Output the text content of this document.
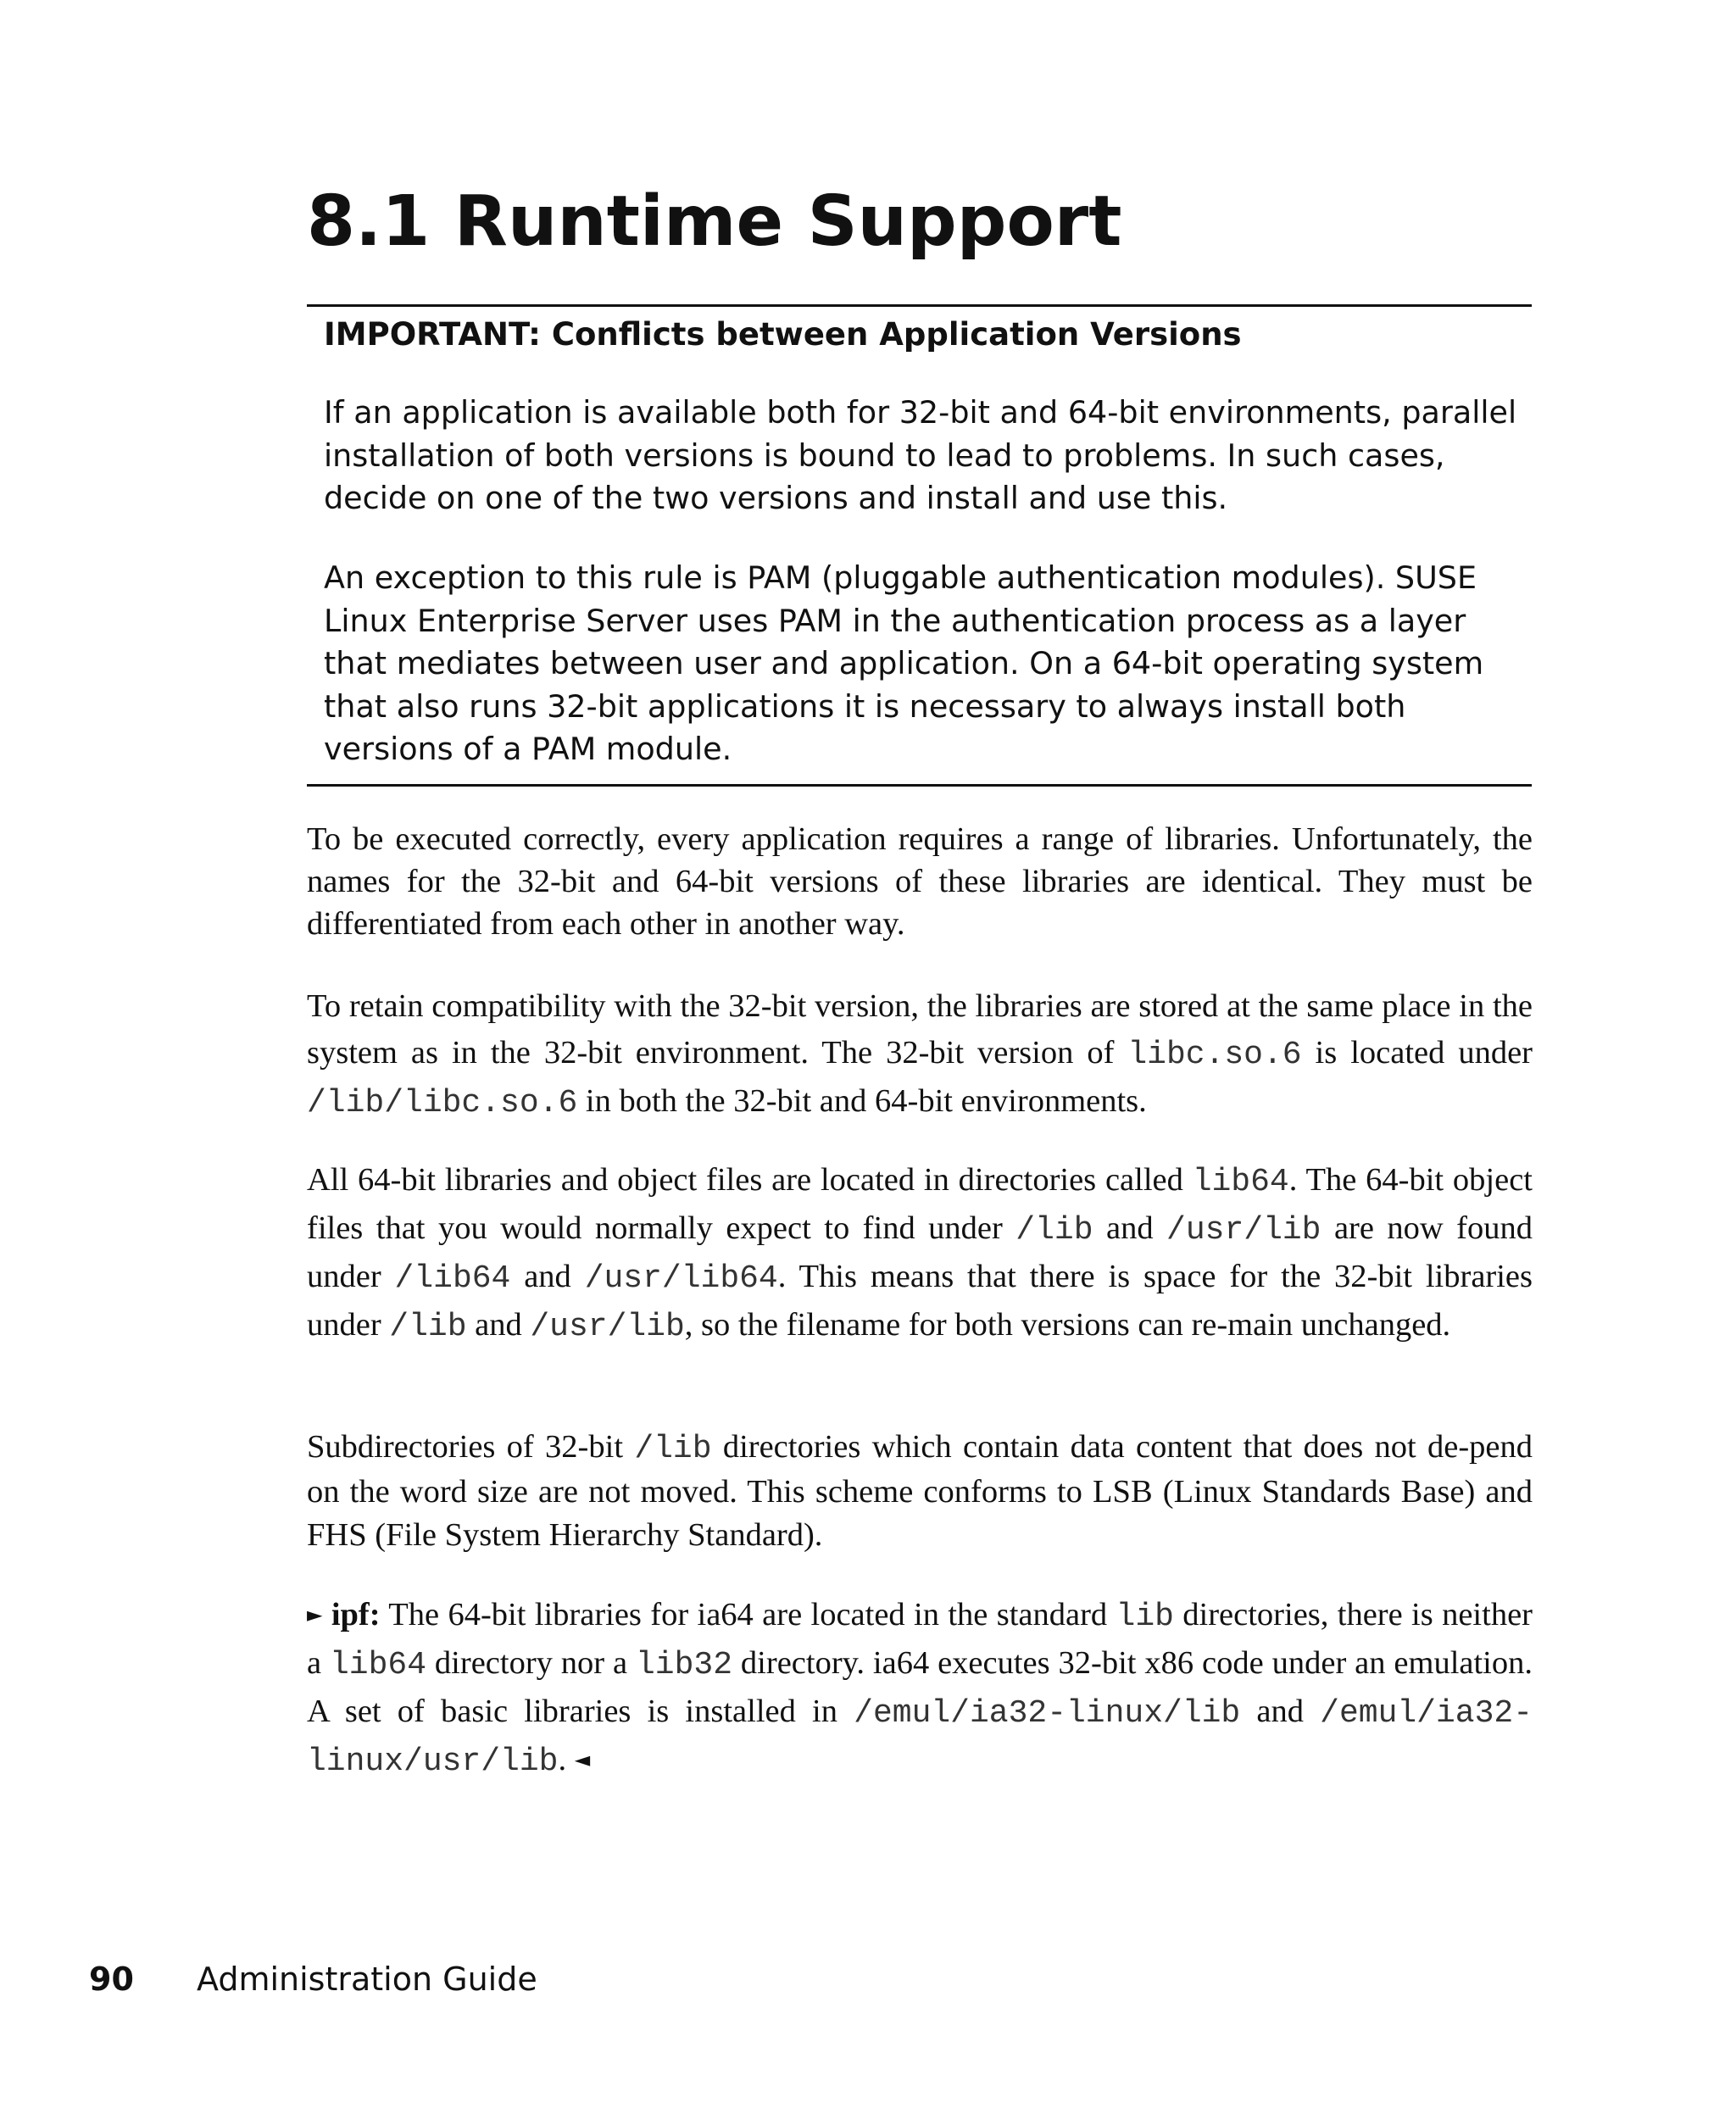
8.1 Runtime Support

IMPORTANT: Conflicts between Application Versions

If an application is available both for 32-bit and 64-bit environments, parallel installation of both versions is bound to lead to problems. In such cases, decide on one of the two versions and install and use this.

An exception to this rule is PAM (pluggable authentication modules). SUSE Linux Enterprise Server uses PAM in the authentication process as a layer that mediates between user and application. On a 64-bit operating system that also runs 32-bit applications it is necessary to always install both versions of a PAM module.

To be executed correctly, every application requires a range of libraries. Unfortunately, the names for the 32-bit and 64-bit versions of these libraries are identical. They must be differentiated from each other in another way.

To retain compatibility with the 32-bit version, the libraries are stored at the same place in the system as in the 32-bit environment. The 32-bit version of libc.so.6 is located under /lib/libc.so.6 in both the 32-bit and 64-bit environments.

All 64-bit libraries and object files are located in directories called lib64. The 64-bit object files that you would normally expect to find under /lib and /usr/lib are now found under /lib64 and /usr/lib64. This means that there is space for the 32-bit libraries under /lib and /usr/lib, so the filename for both versions can re-main unchanged.

Subdirectories of 32-bit /lib directories which contain data content that does not de-pend on the word size are not moved. This scheme conforms to LSB (Linux Standards Base) and FHS (File System Hierarchy Standard).

► ipf: The 64-bit libraries for ia64 are located in the standard lib directories, there is neither a lib64 directory nor a lib32 directory. ia64 executes 32-bit x86 code under an emulation. A set of basic libraries is installed in /emul/ia32-linux/lib and /emul/ia32-linux/usr/lib. ◄

90 Administration Guide
